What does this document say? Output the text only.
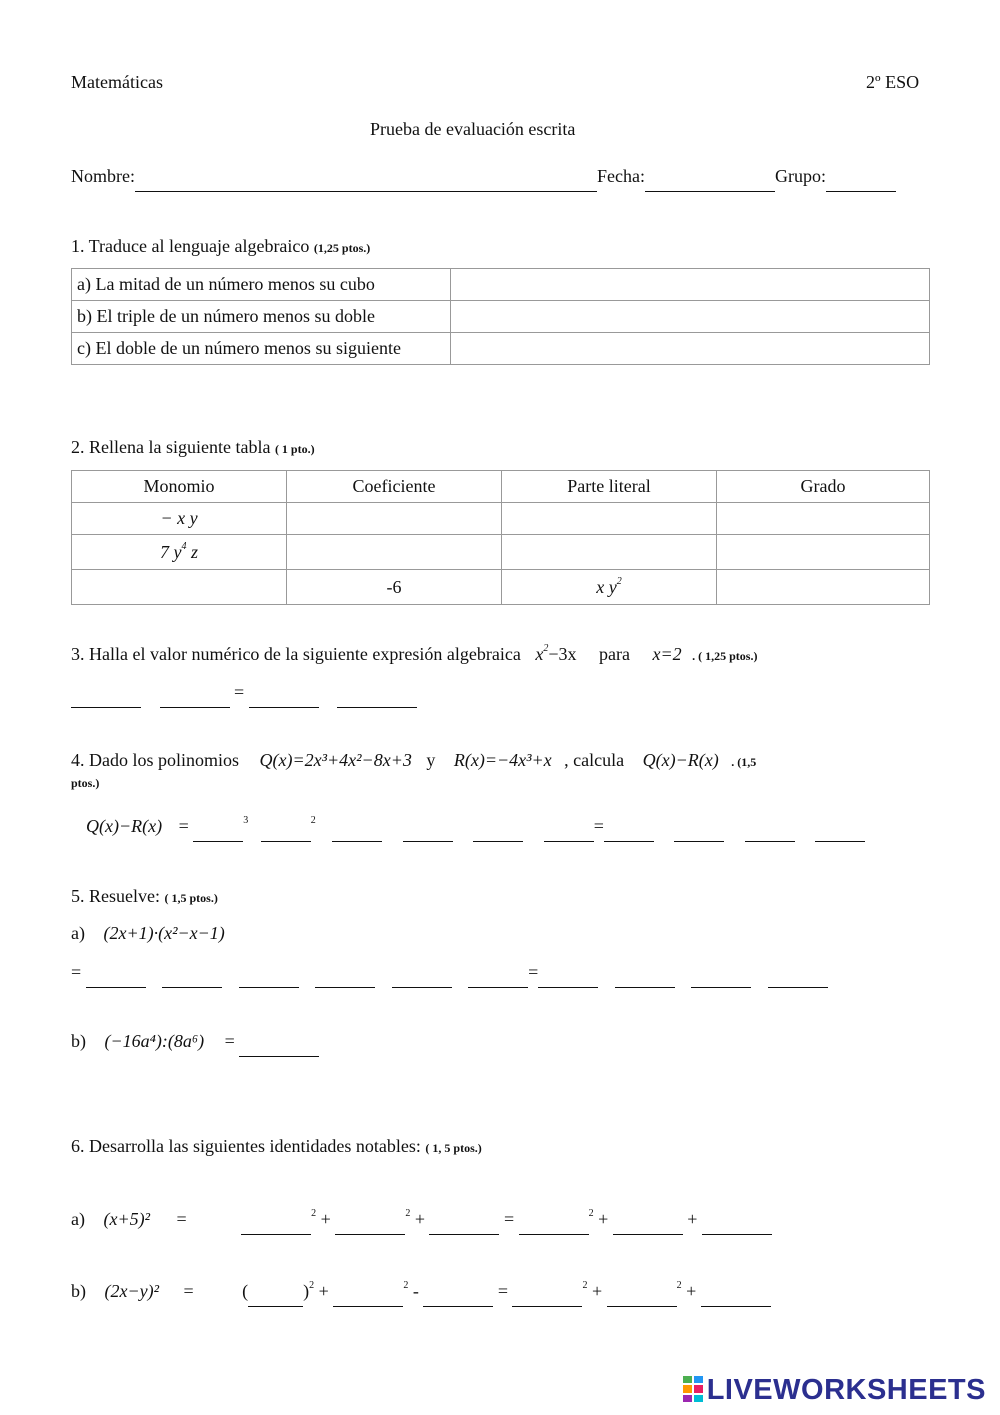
Matemáticas	2º ESO
Prueba de evaluación escrita
Nombre:	Fecha:	Grupo:
1. Traduce al lenguaje algebraico (1,25 ptos.)
a) La mitad de un número menos su cubo	
b) El triple de un número menos su doble	
c) El doble de un número menos su siguiente	
2. Rellena la siguiente tabla ( 1 pto.)
Monomio	Coeficiente	Parte literal	Grado
− x y			
7 $y^4$ z			
	-6	x $y^2$	
3. Halla el valor numérico de la siguiente expresión algebraica $x^2-3x$ para x=2 . ( 1,25 ptos.)
=
4. Dado los polinomios Q(x)=2x³+4x²−8x+3 y R(x)=−4x³+x , calcula Q(x)−R(x) . (1,5
ptos.)
Q(x)−R(x) =	$^3$	$^2$	=
5. Resuelve: ( 1,5 ptos.)
a) (2x+1)·(x²−x−1)
=	=
b) (−16a⁴):(8a⁶) =
6. Desarrolla las siguientes identidades notables: ( 1, 5 ptos.)
a) (x+5)² =	$^2$ +	$^2$ +	=	$^2$ +	+
b) (2x−y)² =	(	)$^2$ +	$^2$ -	=	$^2$ +	$^2$ +
LIVEWORKSHEETS
